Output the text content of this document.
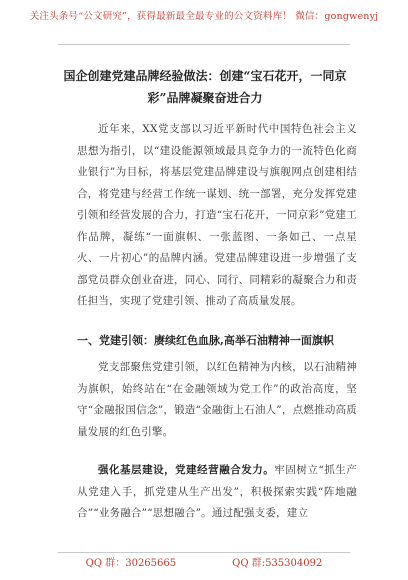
关注头条号“公文研究”，获得最新最全最专业的公文资料库！ 微信：gongwenyj
国企创建党建品牌经验做法：创建“宝石花开，一同京
彩”品牌凝聚奋进合力
近年来，XX党支部以习近平新时代中国特色社会主义思想为指引，以“建设能源领域最具竞争力的一流特色化商业银行”为目标，将基层党建品牌建设与旗舰网点创建相结合，将党建与经营工作统一谋划、统一部署，充分发挥党建引领和经营发展的合力，打造“宝石花开，一同京彩”党建工作品牌，凝练“一面旗帜、一张蓝图、一条如己、一点星火、一片初心”的品牌内涵。党建品牌建设进一步增强了支部党员群众创业奋进，同心、同行、同精彩的凝聚合力和责任担当，实现了党建引领、推动了高质量发展。
一、党建引领：赓续红色血脉,高举石油精神一面旗帜
党支部聚焦党建引领，以红色精神为内核，以石油精神为旗帜，始终站在“在金融领域为党工作”的政治高度，坚守“金融报国信念”，锻造“金融街上石油人”，点燃推动高质量发展的红色引擎。
强化基层建设，党建经营融合发力。牢固树立“抓生产从党建入手，抓党建从生产出发”，积极探索实践“阵地融合”“业务融合”“思想融合”。通过配强支委，建立
QQ 群：30265665	QQ 群:535304092
